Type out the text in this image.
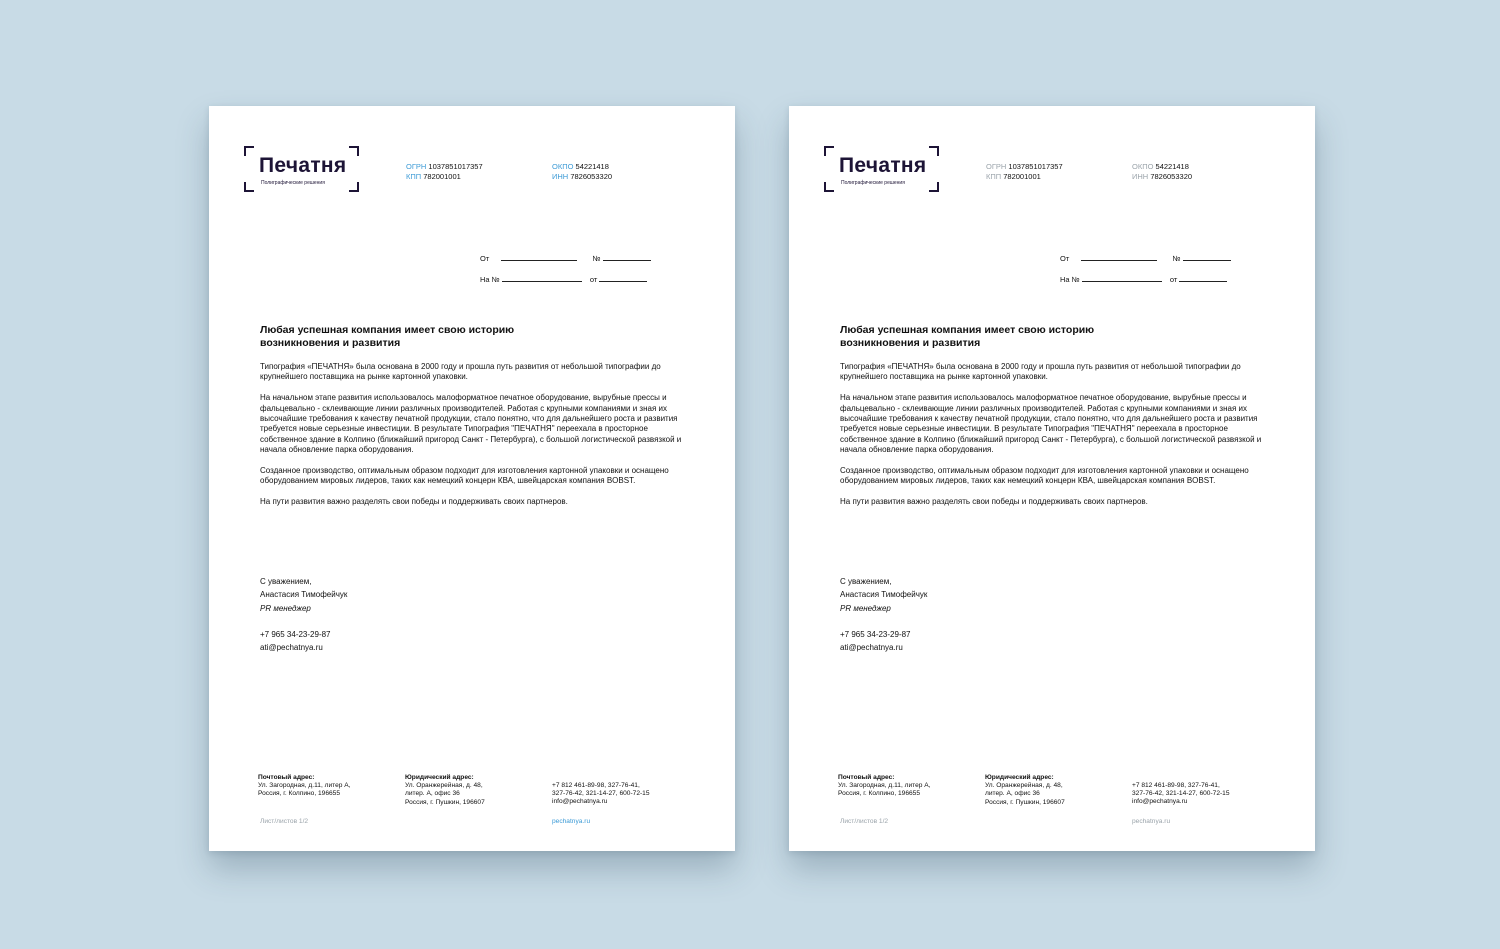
Печатня
Полиграфические решения
ОГРН 1037851017357
КПП 782001001
ОКПО 54221418
ИНН 7826053320
От	№
На №	от
Любая успешная компания имеет свою историю возникновения и развития

Типография «ПЕЧАТНЯ» была основана в 2000 году и прошла путь развития от небольшой типографии до крупнейшего поставщика на рынке картонной упаковки.

На начальном этапе развития использовалось малоформатное печатное оборудование, вырубные прессы и фальцевально - склеивающие линии различных производителей. Работая с крупными компаниями и зная их высочайшие требования к качеству печатной продукции, стало понятно, что для дальнейшего роста и развития требуется новые серьезные инвестиции. В результате Типография "ПЕЧАТНЯ" переехала в просторное собственное здание в Колпино (ближайший пригород Санкт - Петербурга), с большой логистической развязкой и начала обновление парка оборудования.

Созданное производство, оптимальным образом подходит для изготовления картонной упаковки и оснащено оборудованием мировых лидеров, таких как немецкий концерн КВА, швейцарская компания BOBST.

На пути развития важно разделять свои победы и поддерживать своих партнеров.

С уважением,
Анастасия Тимофейчук
PR менеджер
+7 965 34-23-29-87
ati@pechatnya.ru
Почтовый адрес:
Ул. Загородная, д.11, литер А,
Россия, г. Колпино, 196655
Юридический адрес:
Ул. Оранжерейная, д. 48,
литер. А, офис 36
Россия, г. Пушкин, 196607
+7 812 461-89-98, 327-76-41,
327-76-42, 321-14-27, 600-72-15
info@pechatnya.ru
Лист/листов 1/2	pechatnya.ru
Печатня
Полиграфические решения
ОГРН 1037851017357
КПП 782001001
ОКПО 54221418
ИНН 7826053320
От	№
На №	от
Любая успешная компания имеет свою историю возникновения и развития

Типография «ПЕЧАТНЯ» была основана в 2000 году и прошла путь развития от небольшой типографии до крупнейшего поставщика на рынке картонной упаковки.

На начальном этапе развития использовалось малоформатное печатное оборудование, вырубные прессы и фальцевально - склеивающие линии различных производителей. Работая с крупными компаниями и зная их высочайшие требования к качеству печатной продукции, стало понятно, что для дальнейшего роста и развития требуется новые серьезные инвестиции. В результате Типография "ПЕЧАТНЯ" переехала в просторное собственное здание в Колпино (ближайший пригород Санкт - Петербурга), с большой логистической развязкой и начала обновление парка оборудования.

Созданное производство, оптимальным образом подходит для изготовления картонной упаковки и оснащено оборудованием мировых лидеров, таких как немецкий концерн КВА, швейцарская компания BOBST.

На пути развития важно разделять свои победы и поддерживать своих партнеров.

С уважением,
Анастасия Тимофейчук
PR менеджер
+7 965 34-23-29-87
ati@pechatnya.ru
Почтовый адрес:
Ул. Загородная, д.11, литер А,
Россия, г. Колпино, 196655
Юридический адрес:
Ул. Оранжерейная, д. 48,
литер. А, офис 36
Россия, г. Пушкин, 196607
+7 812 461-89-98, 327-76-41,
327-76-42, 321-14-27, 600-72-15
info@pechatnya.ru
Лист/листов 1/2	pechatnya.ru
